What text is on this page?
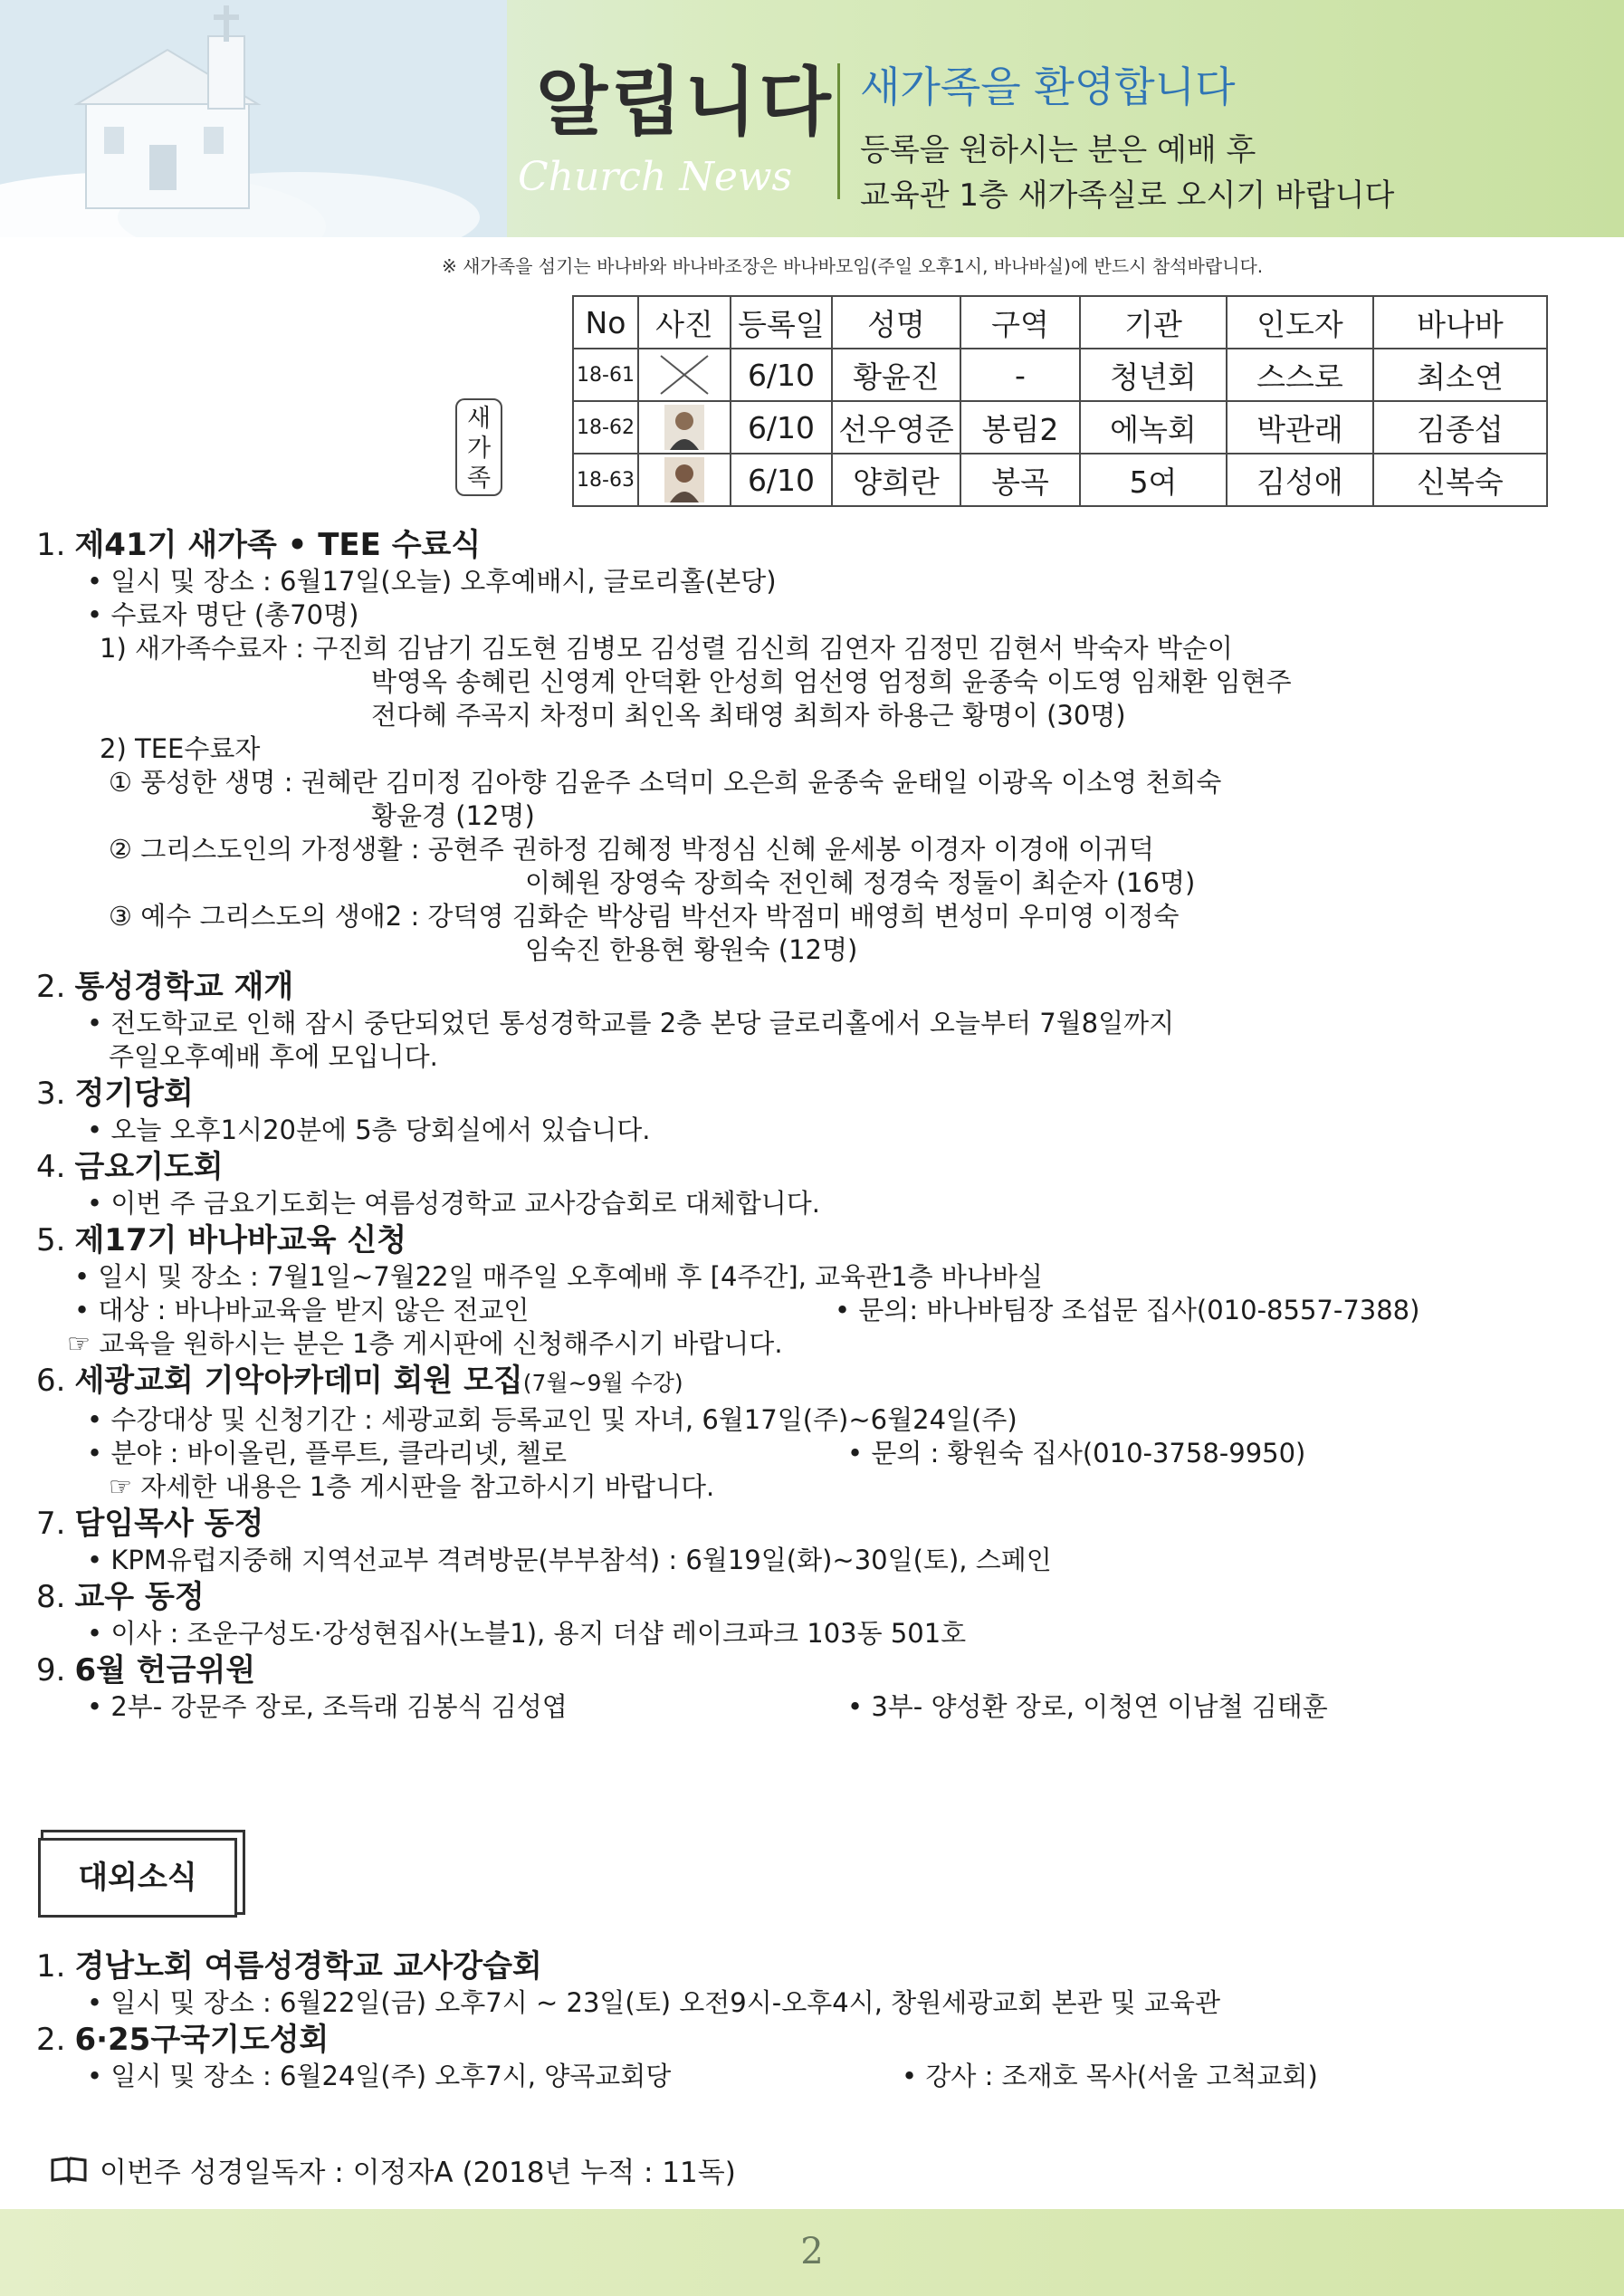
알립니다
Church News
새가족을 환영합니다
등록을 원하시는 분은 예배 후
교육관 1층 새가족실로 오시기 바랍니다
※ 새가족을 섬기는 바나바와 바나바조장은 바나바모임(주일 오후1시, 바나바실)에 반드시 참석바랍니다.
새가족
No	사진	등록일	성명	구역	기관	인도자	바나바
18-61		6/10	황윤진	-	청년회	스스로	최소연
18-62		6/10	선우영준	봉림2	에녹회	박관래	김종섭
18-63		6/10	양희란	봉곡	5여	김성애	신복숙
1. 제41기 새가족 • TEE 수료식
• 일시 및 장소 : 6월17일(오늘) 오후예배시, 글로리홀(본당)
• 수료자 명단 (총70명)
1) 새가족수료자 : 구진희 김남기 김도현 김병모 김성렬 김신희 김연자 김정민 김현서 박숙자 박순이
박영옥 송혜린 신영계 안덕환 안성희 엄선영 엄정희 윤종숙 이도영 임채환 임현주
전다혜 주곡지 차정미 최인옥 최태영 최희자 하용근 황명이 (30명)
2) TEE수료자
① 풍성한 생명 : 권혜란 김미정 김아향 김윤주 소덕미 오은희 윤종숙 윤태일 이광옥 이소영 천희숙
황윤경 (12명)
② 그리스도인의 가정생활 : 공현주 권하정 김혜정 박정심 신혜 윤세봉 이경자 이경애 이귀덕
이혜원 장영숙 장희숙 전인혜 정경숙 정둘이 최순자 (16명)
③ 예수 그리스도의 생애2 : 강덕영 김화순 박상림 박선자 박점미 배영희 변성미 우미영 이정숙
임숙진 한용현 황원숙 (12명)
2. 통성경학교 재개
• 전도학교로 인해 잠시 중단되었던 통성경학교를 2층 본당 글로리홀에서 오늘부터 7월8일까지
주일오후예배 후에 모입니다.
3. 정기당회
• 오늘 오후1시20분에 5층 당회실에서 있습니다.
4. 금요기도회
• 이번 주 금요기도회는 여름성경학교 교사강습회로 대체합니다.
5. 제17기 바나바교육 신청
• 일시 및 장소 : 7월1일~7월22일 매주일 오후예배 후 [4주간], 교육관1층 바나바실
• 대상 : 바나바교육을 받지 않은 전교인	• 문의: 바나바팀장 조섭문 집사(010-8557-7388)
☞ 교육을 원하시는 분은 1층 게시판에 신청해주시기 바랍니다.
6. 세광교회 기악아카데미 회원 모집(7월~9월 수강)
• 수강대상 및 신청기간 : 세광교회 등록교인 및 자녀, 6월17일(주)~6월24일(주)
• 분야 : 바이올린, 플루트, 클라리넷, 첼로	• 문의 : 황원숙 집사(010-3758-9950)
☞ 자세한 내용은 1층 게시판을 참고하시기 바랍니다.
7. 담임목사 동정
• KPM유럽지중해 지역선교부 격려방문(부부참석) : 6월19일(화)~30일(토), 스페인
8. 교우 동정
• 이사 : 조운구성도·강성현집사(노블1), 용지 더샵 레이크파크 103동 501호
9. 6월 헌금위원
• 2부- 강문주 장로, 조득래 김봉식 김성엽	• 3부- 양성환 장로, 이청연 이남철 김태훈
대외소식
1. 경남노회 여름성경학교 교사강습회
• 일시 및 장소 : 6월22일(금) 오후7시 ~ 23일(토) 오전9시-오후4시, 창원세광교회 본관 및 교육관
2. 6·25구국기도성회
• 일시 및 장소 : 6월24일(주) 오후7시, 양곡교회당	• 강사 : 조재호 목사(서울 고척교회)
이번주 성경일독자 : 이정자A (2018년 누적 : 11독)
2
